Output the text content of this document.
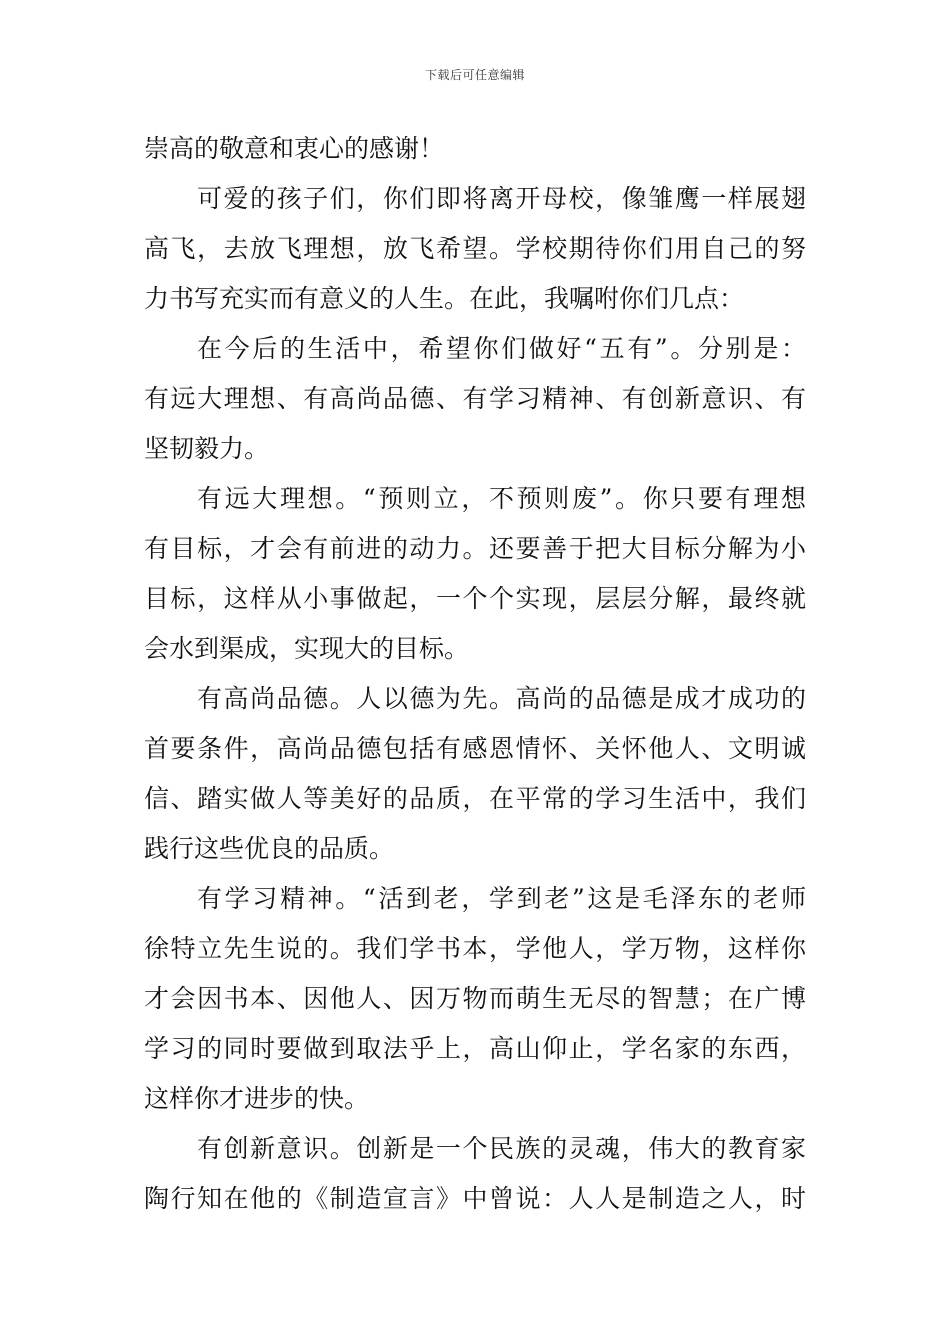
下载后可任意编辑
崇高的敬意和衷心的感谢！
可爱的孩子们，你们即将离开母校，像雏鹰一样展翅
高飞，去放飞理想，放飞希望。学校期待你们用自己的努
力书写充实而有意义的人生。在此，我嘱咐你们几点：
在今后的生活中，希望你们做好“五有”。分别是：
有远大理想、有高尚品德、有学习精神、有创新意识、有
坚韧毅力。
有远大理想。“预则立，不预则废”。你只要有理想
有目标，才会有前进的动力。还要善于把大目标分解为小
目标，这样从小事做起，一个个实现，层层分解，最终就
会水到渠成，实现大的目标。
有高尚品德。人以德为先。高尚的品德是成才成功的
首要条件，高尚品德包括有感恩情怀、关怀他人、文明诚
信、踏实做人等美好的品质，在平常的学习生活中，我们
践行这些优良的品质。
有学习精神。“活到老，学到老”这是毛泽东的老师
徐特立先生说的。我们学书本，学他人，学万物，这样你
才会因书本、因他人、因万物而萌生无尽的智慧；在广博
学习的同时要做到取法乎上，高山仰止，学名家的东西，
这样你才进步的快。
有创新意识。创新是一个民族的灵魂，伟大的教育家
陶行知在他的《制造宣言》中曾说：人人是制造之人，时
